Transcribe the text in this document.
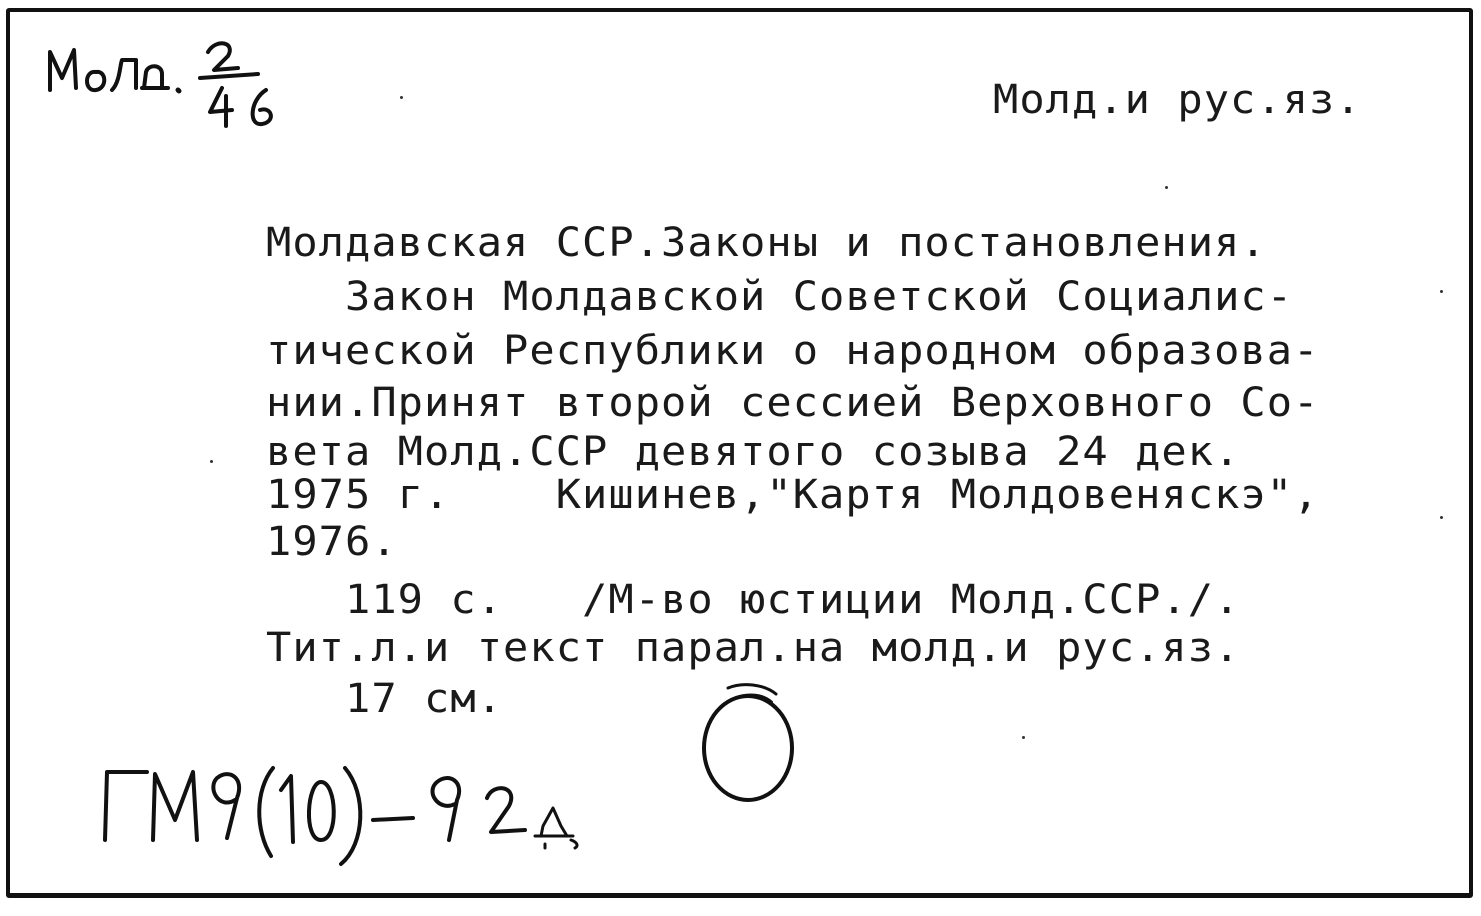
Молд.и рус.яз.
Молдавская ССР.Законы и постановления.
Закон Молдавской Советской Социалис-
тической Республики о народном образова-
нии.Принят второй сессией Верховного Со-
вета Молд.ССР девятого созыва 24 дек.
1975 г.    Кишинев,"Картя Молдовеняскэ",
1976.
119 с.   /М-во юстиции Молд.ССР./.
Тит.л.и текст парал.на молд.и рус.яз.
17 см.
